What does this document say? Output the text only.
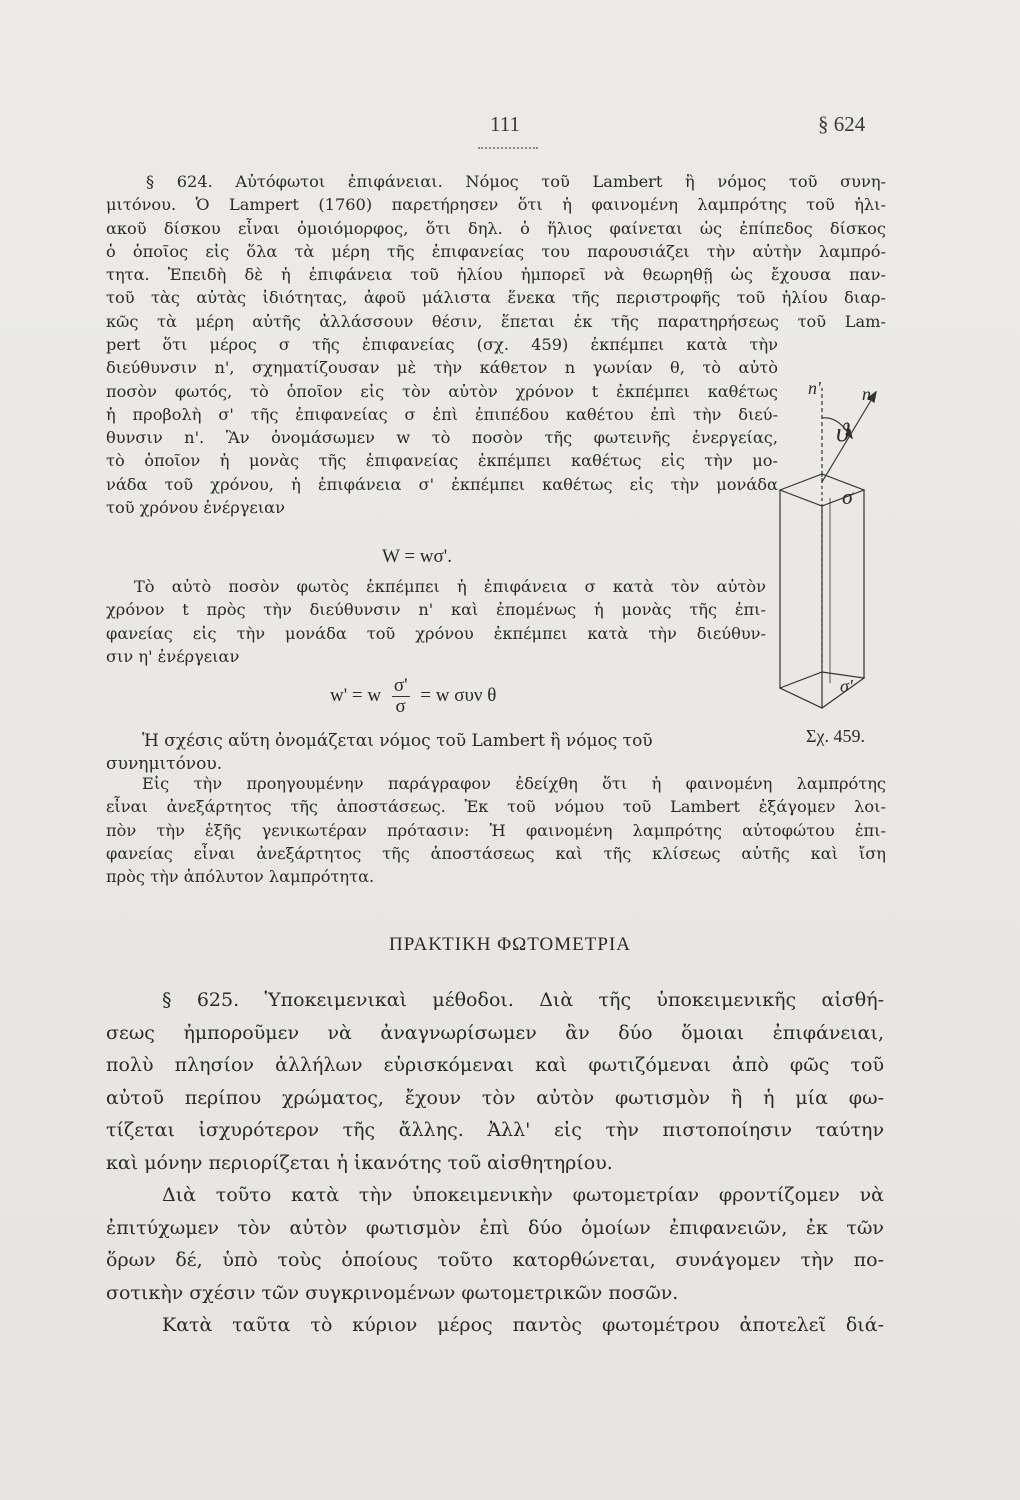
111	§ 624
§ 624. Αὐτόφωτοι ἐπιφάνειαι. Νόμος τοῦ Lambert ἢ νόμος τοῦ συνη-
μιτόνου. Ὁ Lampert (1760) παρετήρησεν ὅτι ἡ φαινομένη λαμπρότης τοῦ ἡλι-
ακοῦ δίσκου εἶναι ὁμοιόμορφος, ὅτι δηλ. ὁ ἥλιος φαίνεται ὡς ἐπίπεδος δίσκος
ὁ ὁποῖος εἰς ὅλα τὰ μέρη τῆς ἐπιφανείας του παρουσιάζει τὴν αὐτὴν λαμπρό-
τητα. Ἐπειδὴ δὲ ἡ ἐπιφάνεια τοῦ ἡλίου ἠμπορεῖ νὰ θεωρηθῇ ὡς ἔχουσα παν-
τοῦ τὰς αὐτὰς ἰδιότητας, ἀφοῦ μάλιστα ἕνεκα τῆς περιστροφῆς τοῦ ἡλίου διαρ-
κῶς τὰ μέρη αὐτῆς ἀλλάσσουν θέσιν, ἕπεται ἐκ τῆς παρατηρήσεως τοῦ Lam-
pert ὅτι μέρος σ τῆς ἐπιφανείας (σχ. 459) ἐκπέμπει κατὰ τὴν
διεύθυνσιν n', σχηματίζουσαν μὲ τὴν κάθετον n γωνίαν θ, τὸ αὐτὸ
ποσὸν φωτός, τὸ ὁποῖον εἰς τὸν αὐτὸν χρόνον t ἐκπέμπει καθέτως
ἡ προβολὴ σ' τῆς ἐπιφανείας σ ἐπὶ ἐπιπέδου καθέτου ἐπὶ τὴν διεύ-
θυνσιν n'. Ἂν ὀνομάσωμεν w τὸ ποσὸν τῆς φωτεινῆς ἐνεργείας,
τὸ ὁποῖον ἡ μονὰς τῆς ἐπιφανείας ἐκπέμπει καθέτως εἰς τὴν μο-
νάδα τοῦ χρόνου, ἡ ἐπιφάνεια σ' ἐκπέμπει καθέτως εἰς τὴν μονάδα
τοῦ χρόνου ἐνέργειαν
W = wσ'.
Τὸ αὐτὸ ποσὸν φωτὸς ἐκπέμπει ἡ ἐπιφάνεια σ κατὰ τὸν αὐτὸν
χρόνον t πρὸς τὴν διεύθυνσιν n' καὶ ἐπομένως ἡ μονὰς τῆς ἐπι-
φανείας εἰς τὴν μονάδα τοῦ χρόνου ἐκπέμπει κατὰ τὴν διεύθυν-
σιν η' ἐνέργειαν
w' = w $\frac{\sigma'}{\sigma} = w$ συν θ
Ἡ σχέσις αὕτη ὀνομάζεται νόμος τοῦ Lambert ἢ νόμος τοῦ
συνημιτόνου.
Εἰς τὴν προηγουμένην παράγραφον ἐδείχθη ὅτι ἡ φαινομένη λαμπρότης
εἶναι ἀνεξάρτητος τῆς ἀποστάσεως. Ἐκ τοῦ νόμου τοῦ Lambert ἐξάγομεν λοι-
πὸν τὴν ἑξῆς γενικωτέραν πρότασιν: Ἡ φαινομένη λαμπρότης αὐτοφώτου ἐπι-
φανείας εἶναι ἀνεξάρτητος τῆς ἀποστάσεως καὶ τῆς κλίσεως αὐτῆς καὶ ἴση
πρὸς τὴν ἀπόλυτον λαμπρότητα.
n' n
ϑ
σ
σ'
Σχ. 459.
ΠΡΑΚΤΙΚΗ ΦΩΤΟΜΕΤΡΙΑ
§ 625. Ὑποκειμενικαὶ μέθοδοι. Διὰ τῆς ὑποκειμενικῆς αἰσθή-
σεως ἠμποροῦμεν νὰ ἀναγνωρίσωμεν ἂν δύο ὅμοιαι ἐπιφάνειαι,
πολὺ πλησίον ἀλλήλων εὑρισκόμεναι καὶ φωτιζόμεναι ἀπὸ φῶς τοῦ
αὐτοῦ περίπου χρώματος, ἔχουν τὸν αὐτὸν φωτισμὸν ἢ ἡ μία φω-
τίζεται ἰσχυρότερον τῆς ἄλλης. Ἀλλ' εἰς τὴν πιστοποίησιν ταύτην
καὶ μόνην περιορίζεται ἡ ἱκανότης τοῦ αἰσθητηρίου.
Διὰ τοῦτο κατὰ τὴν ὑποκειμενικὴν φωτομετρίαν φροντίζομεν νὰ
ἐπιτύχωμεν τὸν αὐτὸν φωτισμὸν ἐπὶ δύο ὁμοίων ἐπιφανειῶν, ἐκ τῶν
ὅρων δέ, ὑπὸ τοὺς ὁποίους τοῦτο κατορθώνεται, συνάγομεν τὴν πο-
σοτικὴν σχέσιν τῶν συγκρινομένων φωτομετρικῶν ποσῶν.
Κατὰ ταῦτα τὸ κύριον μέρος παντὸς φωτομέτρου ἀποτελεῖ διά-
